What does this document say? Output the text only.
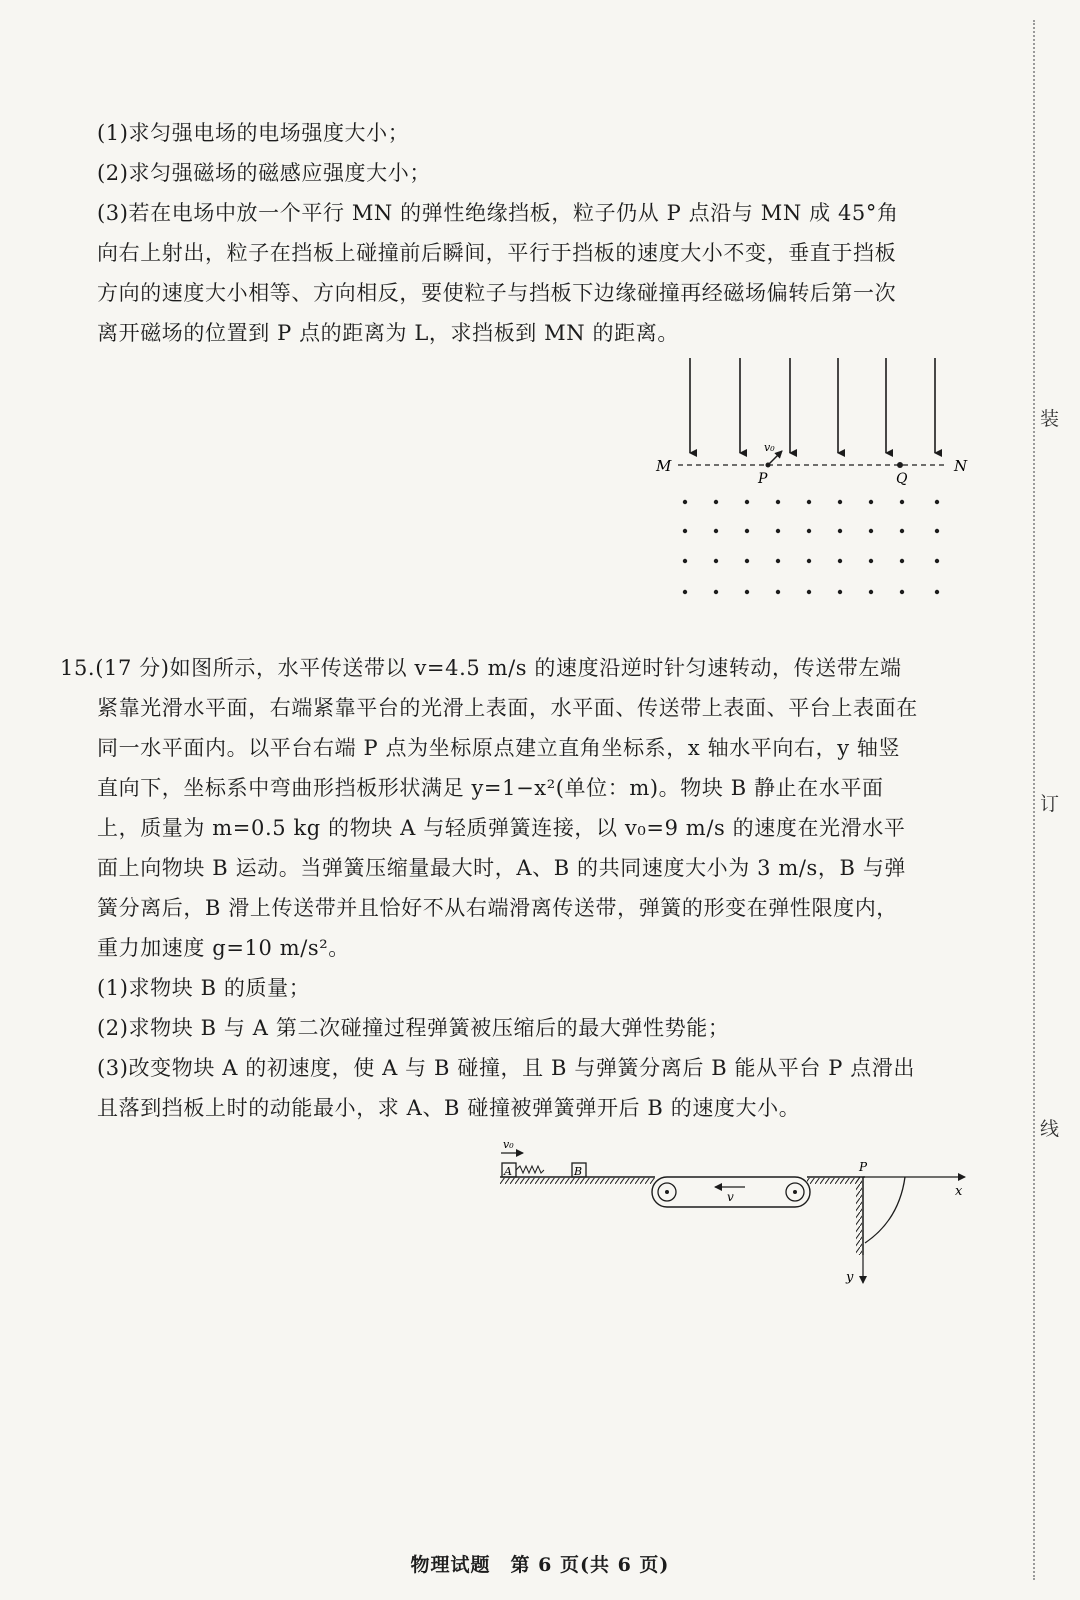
(1)求匀强电场的电场强度大小；
(2)求匀强磁场的磁感应强度大小；
(3)若在电场中放一个平行 MN 的弹性绝缘挡板，粒子仍从 P 点沿与 MN 成 45°角
向右上射出，粒子在挡板上碰撞前后瞬间，平行于挡板的速度大小不变，垂直于挡板
方向的速度大小相等、方向相反，要使粒子与挡板下边缘碰撞再经磁场偏转后第一次
离开磁场的位置到 P 点的距离为 L，求挡板到 MN 的距离。
M	N
P	Q
v₀
15.(17 分)如图所示，水平传送带以 v=4.5 m/s 的速度沿逆时针匀速转动，传送带左端
紧靠光滑水平面，右端紧靠平台的光滑上表面，水平面、传送带上表面、平台上表面在
同一水平面内。以平台右端 P 点为坐标原点建立直角坐标系，x 轴水平向右，y 轴竖
直向下，坐标系中弯曲形挡板形状满足 y=1−x²(单位：m)。物块 B 静止在水平面
上，质量为 m=0.5 kg 的物块 A 与轻质弹簧连接，以 v₀=9 m/s 的速度在光滑水平
面上向物块 B 运动。当弹簧压缩量最大时，A、B 的共同速度大小为 3 m/s，B 与弹
簧分离后，B 滑上传送带并且恰好不从右端滑离传送带，弹簧的形变在弹性限度内，
重力加速度 g=10 m/s²。
(1)求物块 B 的质量；
(2)求物块 B 与 A 第二次碰撞过程弹簧被压缩后的最大弹性势能；
(3)改变物块 A 的初速度，使 A 与 B 碰撞，且 B 与弹簧分离后 B 能从平台 P 点滑出
且落到挡板上时的动能最小，求 A、B 碰撞被弹簧弹开后 B 的速度大小。
v₀
A	B
v	x
y
P
装
订
线
物理试题　第 6 页(共 6 页)
